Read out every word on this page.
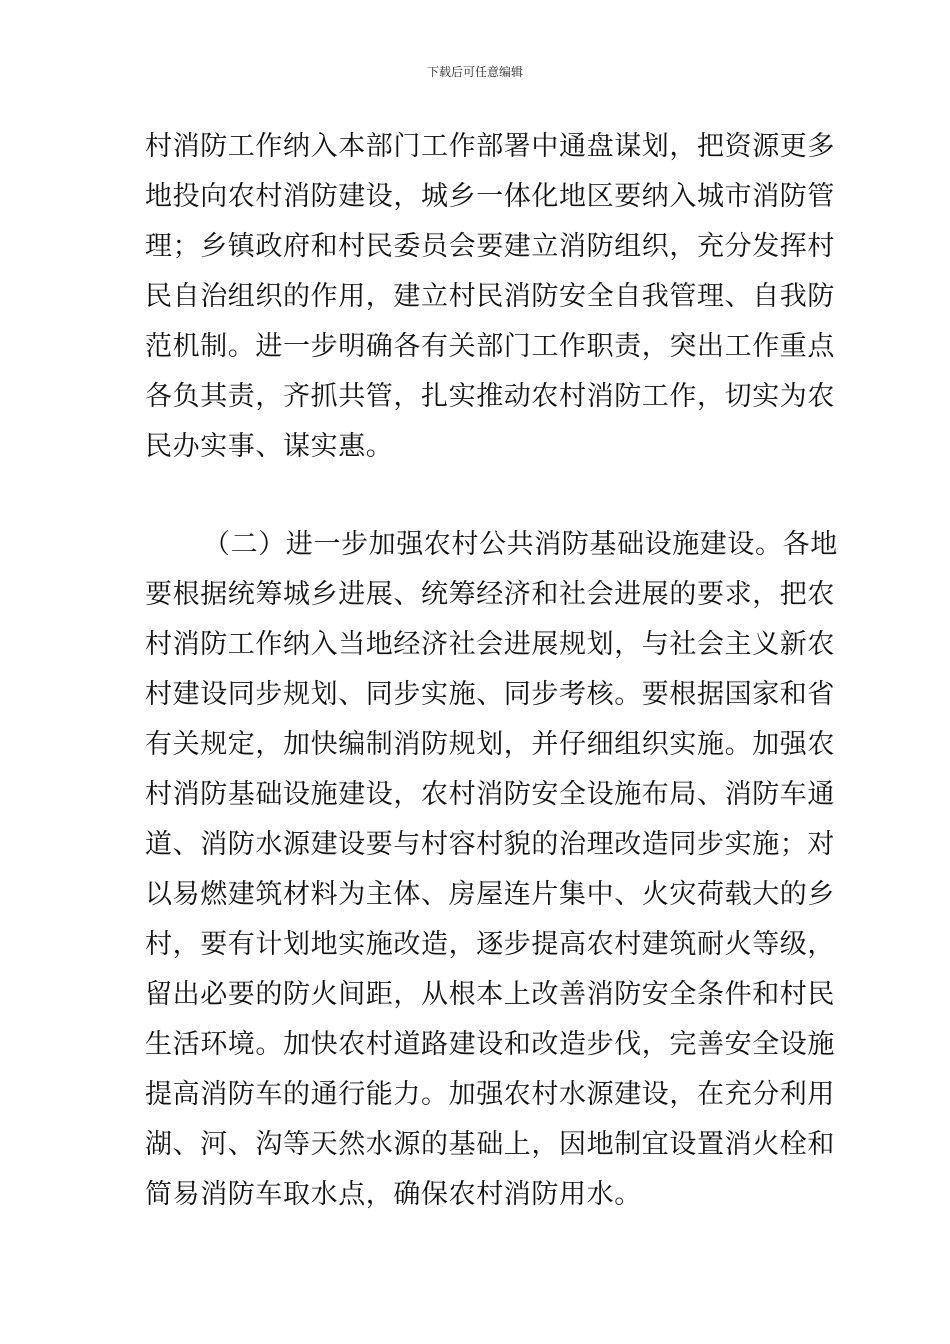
下载后可任意编辑
村消防工作纳入本部门工作部署中通盘谋划，把资源更多
地投向农村消防建设，城乡一体化地区要纳入城市消防管
理；乡镇政府和村民委员会要建立消防组织，充分发挥村
民自治组织的作用，建立村民消防安全自我管理、自我防
范机制。进一步明确各有关部门工作职责，突出工作重点
各负其责，齐抓共管，扎实推动农村消防工作，切实为农
民办实事、谋实惠。
（二）进一步加强农村公共消防基础设施建设。各地
要根据统筹城乡进展、统筹经济和社会进展的要求，把农
村消防工作纳入当地经济社会进展规划，与社会主义新农
村建设同步规划、同步实施、同步考核。要根据国家和省
有关规定，加快编制消防规划，并仔细组织实施。加强农
村消防基础设施建设，农村消防安全设施布局、消防车通
道、消防水源建设要与村容村貌的治理改造同步实施；对
以易燃建筑材料为主体、房屋连片集中、火灾荷载大的乡
村，要有计划地实施改造，逐步提高农村建筑耐火等级，
留出必要的防火间距，从根本上改善消防安全条件和村民
生活环境。加快农村道路建设和改造步伐，完善安全设施
提高消防车的通行能力。加强农村水源建设，在充分利用
湖、河、沟等天然水源的基础上，因地制宜设置消火栓和
简易消防车取水点，确保农村消防用水。
